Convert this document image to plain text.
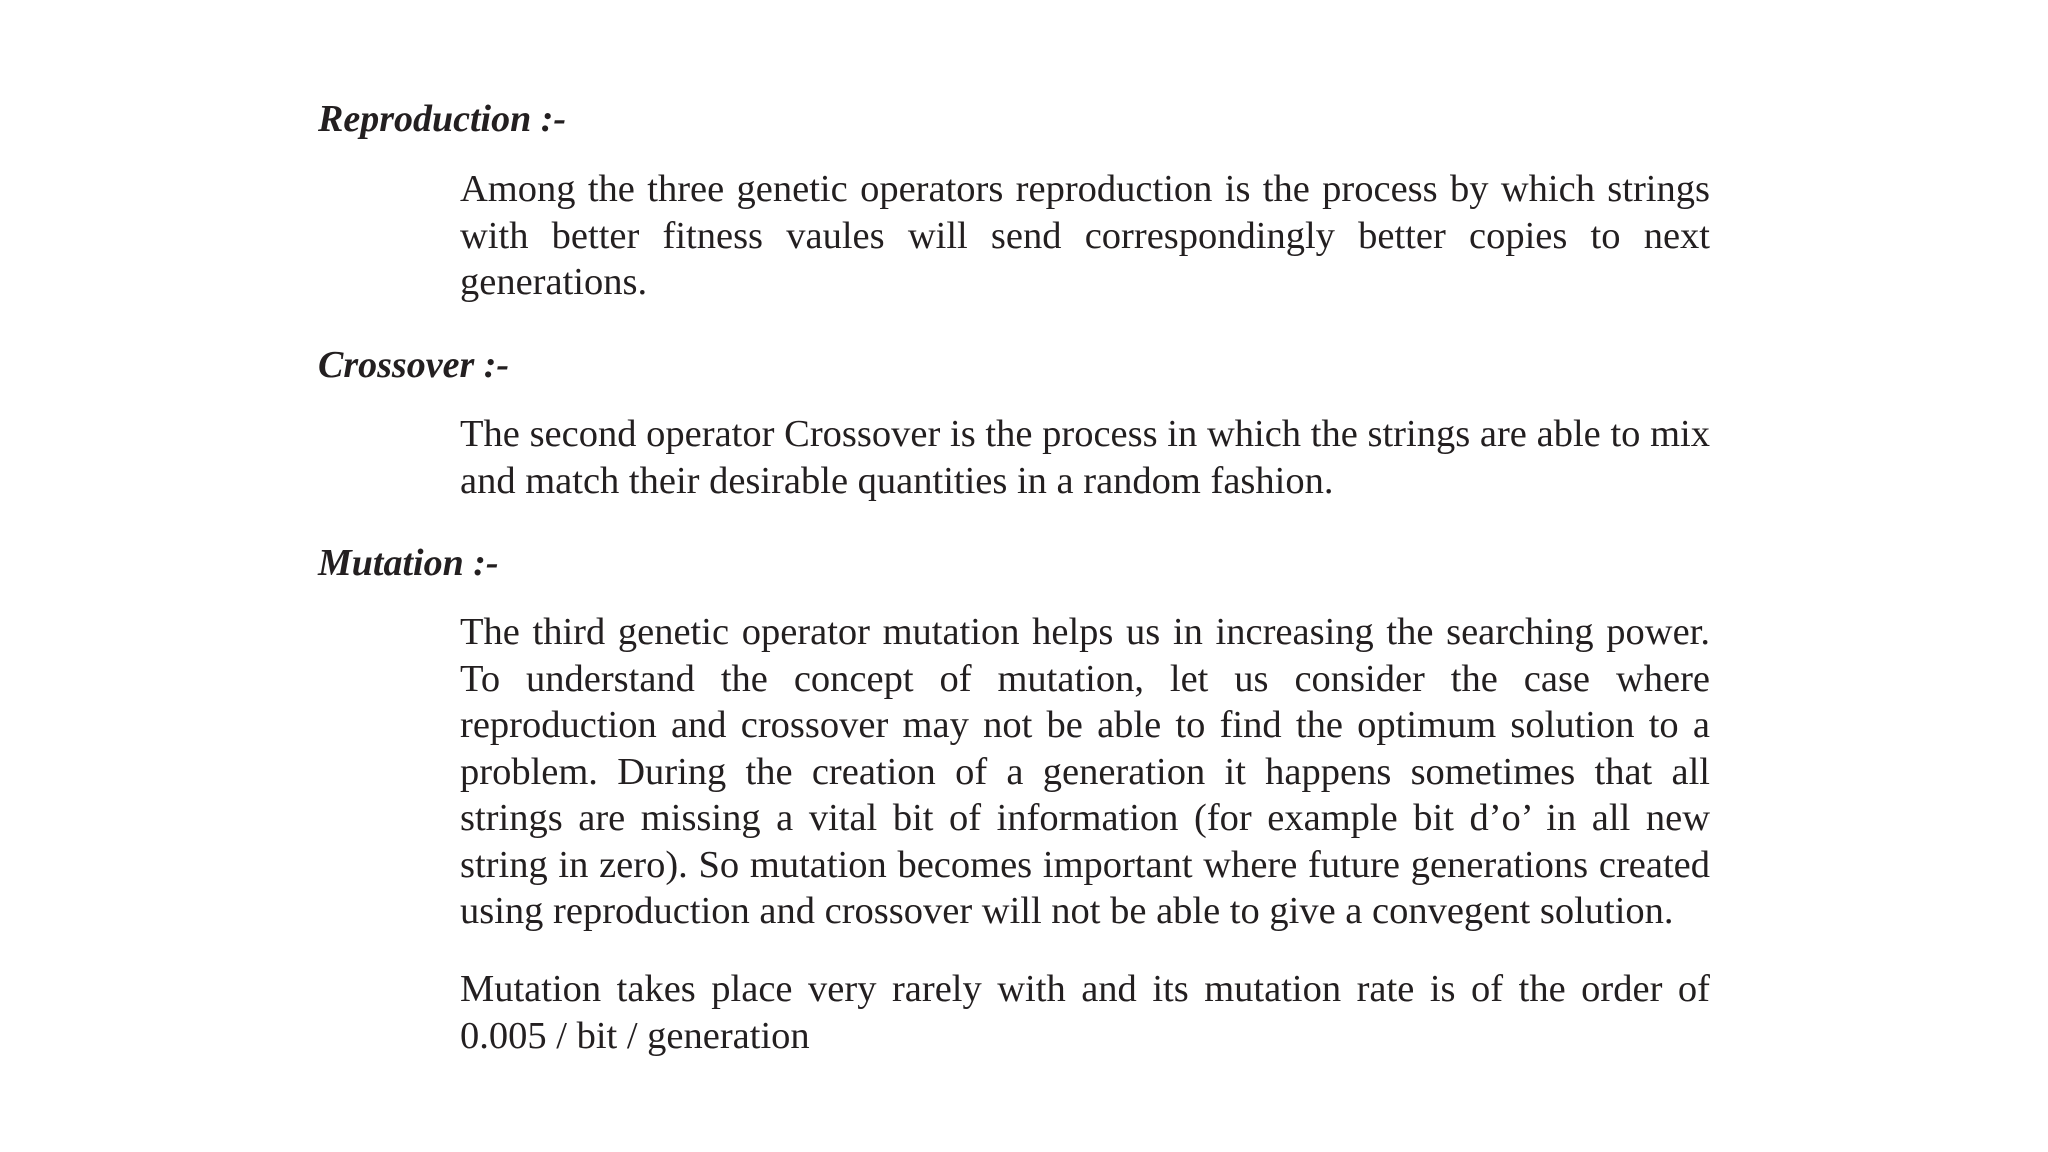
Reproduction :-

Among the three genetic operators reproduction is the process by which strings with better fitness vaules will send correspondingly better copies to next generations.

Crossover :-

The second operator Crossover is the process in which the strings are able to mix and match their desirable quantities in a random fashion.

Mutation :-

The third genetic operator mutation helps us in increasing the searching power. To understand the concept of mutation, let us consider the case where reproduction and crossover may not be able to find the optimum solution to a problem. During the creation of a generation it happens sometimes that all strings are missing a vital bit of information (for example bit d’o’ in all new string in zero). So mutation becomes important where future generations created using reproduction and crossover will not be able to give a convegent solution.

Mutation takes place very rarely with and its mutation rate is of the order of 0.005 / bit / generation
